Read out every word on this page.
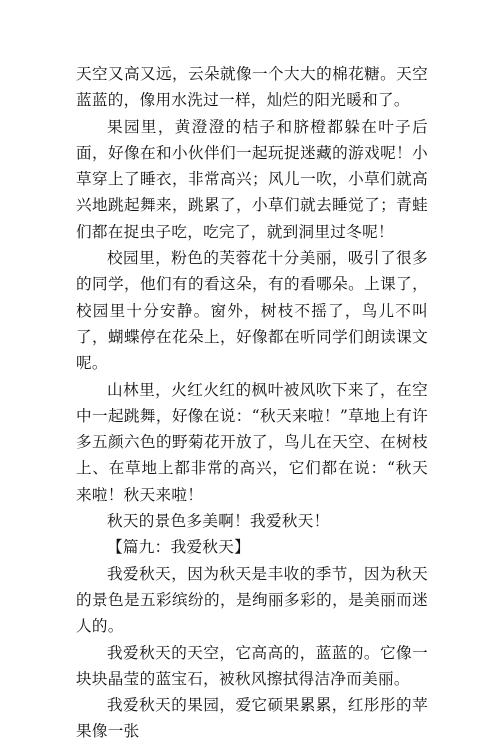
天空又高又远，云朵就像一个大大的棉花糖。天空蓝蓝的，像用水洗过一样，灿烂的阳光暖和了。

果园里，黄澄澄的桔子和脐橙都躲在叶子后面，好像在和小伙伴们一起玩捉迷藏的游戏呢！小草穿上了睡衣，非常高兴；风儿一吹，小草们就高兴地跳起舞来，跳累了，小草们就去睡觉了；青蛙们都在捉虫子吃，吃完了，就到洞里过冬呢！

校园里，粉色的芙蓉花十分美丽，吸引了很多的同学，他们有的看这朵，有的看哪朵。上课了，校园里十分安静。窗外，树枝不摇了，鸟儿不叫了，蝴蝶停在花朵上，好像都在听同学们朗读课文呢。

山林里，火红火红的枫叶被风吹下来了，在空中一起跳舞，好像在说：“秋天来啦！”草地上有许多五颜六色的野菊花开放了，鸟儿在天空、在树枝上、在草地上都非常的高兴，它们都在说：“秋天来啦！秋天来啦！

秋天的景色多美啊！我爱秋天！

【篇九：我爱秋天】

我爱秋天，因为秋天是丰收的季节，因为秋天的景色是五彩缤纷的，是绚丽多彩的，是美丽而迷人的。

我爱秋天的天空，它高高的，蓝蓝的。它像一块块晶莹的蓝宝石，被秋风擦拭得洁净而美丽。

我爱秋天的果园，爱它硕果累累，红彤彤的苹果像一张
